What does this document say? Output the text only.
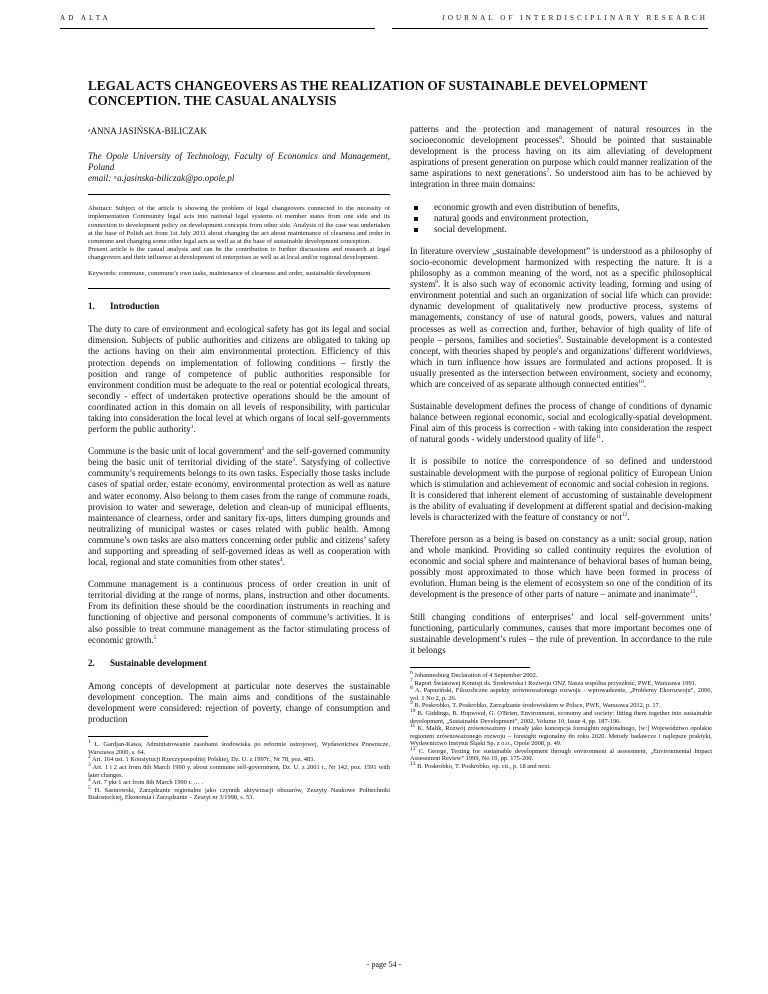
AD ALTA	JOURNAL OF INTERDISCIPLINARY RESEARCH
LEGAL ACTS CHANGEOVERS AS THE REALIZATION OF SUSTAINABLE DEVELOPMENT CONCEPTION. THE CASUAL ANALYSIS

ᵃANNA JASIŃSKA-BILICZAK

The Opole University of Technology, Faculty of Economics and Management, Poland
email: ᵃa.jasinska-biliczak@po.opole.pl

Abstract: Subject of the article is showing the problem of legal changeovers connected to the necessity of implementation Community legal acts into national legal systems of member states from one side and its connection to development policy on development concepts from other side. Analysis of the case was undertaken at the base of Polish act from 1st July 2011 about changing the act about maintenance of clearness and order in commune and changing some other legal acts as well as at the base of sustainable development conception.

Present article is the casual analysis and can be the contribution to further discussions and research at legal changeovers and their influence at development of enterprises as well as at local and/or regional development.

Keywords: commune, commune’s own tasks, maintenance of clearness and order, sustainable development

1. Introduction

The duty to care of environment and ecological safety has got its legal and social dimension. Subjects of public authorities and citizens are obligated to taking up the actions having on their aim environmental protection. Efficiency of this protection depends on implementation of following conditions – firstly the position and range of competence of public authorities responsible for environment condition must be adequate to the real or potential ecological threats, secondly - effect of undertaken protective operations should be the amount of coordinated action in this domain on all levels of responsibility, with particular taking into consideration the local level at which organs of local self-governments perform the public authority$^1$.

Commune is the basic unit of local government$^2$ and the self-governed community being the basic unit of territorial dividing of the state$^3$. Satysfying of collective community’s requirements belongs to its own tasks. Especially those tasks include cases of spatial order, estate economy, environmental protection as well as nature and water economy. Also belong to them cases from the range of commune roads, provision to water and sewerage, deletion and clean-up of municipal effluents, maintenance of clearness, order and sanitary fix-ups, litters dumping grounds and neutralizing of municipal wastes or cases related with public health. Among commune’s own tasks are also matters concerning order public and citizens’ safety and supporting and spreading of self-governed ideas as well as cooperation with local, regional and state comunities from other states$^4$.

Commune management is a continuous process of order creation in unit of territorial dividing at the range of norms, plans, instruction and other documents. From its definition these should be the coordination instruments in reaching and functioning of objective and personal components of commune’s activities. It is also possible to treat commune management as the factor stimulating process of economic growth.$^5$

2. Sustainable development

Among concepts of development at particular note deserves the sustainable development conception. The main aims and conditions of the sustainable development were considered: rejection of poverty, change of consumption and production

$^1$ L. Gardjan-Kawa, Administrowanie zasobami środowiska po reformie ustrojowej, Wydawnictwa Prawnicze, Warszawa 2000, s. 64.

$^2$ Art. 164 ust. 1 Konstytucji Rzeczypospolitej Polskiej, Dz. U. z 1997r., Nr 78, poz. 483.

$^3$ Art. 1 i 2 act from 8th March 1990 y. about commune self-government, Dz. U. z 2001 r., Nr 142, poz. 1591 with later changes.

$^4$ Art. 7 pkt 1 act from 8th March 1990 r. … .

$^5$ H. Sasinowski, Zarządzanie regionalne jako czynnik aktywizacji obszarów, Zeszyty Naukowe Politechniki Białostockiej, Ekonomia i Zarządzanie – Zeszyt nr 3/1998, s. 53.

patterns and the protection and management of natural resources in the socioeconomic development processes$^6$. Should be pointed that sustainable development is the process having on its aim alleviating of development aspirations of present generation on purpose which could manner realization of the same aspirations to next generations$^7$. So understood aim has to be achieved by integration in three main domains:

economic growth and even distribution of benefits,
natural goods and environment protection,
social development.

In literature overview „sustainable development” is understood as a philosophy of socio-economic development harmonized with respecting the nature. It is a philosophy as a common meaning of the word, not as a specific philosophical system$^8$. It is also such way of economic activity leading, forming and using of environment potential and such an organization of social life which can provide: dynamic development of qualitatively new productive process, systems of managements, constancy of use of natural goods, powers, values and natural processes as well as correction and, further, behavior of high quality of life of people – persons, families and societies$^9$. Sustainable development is a contested concept, with theories shaped by people's and organizations' different worldviews, which in turn influence how issues are formulated and actions proposed. It is usually presented as the intersection between environment, society and economy, which are conceived of as separate although connected entities$^{10}$.

Sustainable development defines the process of change of conditions of dynamic balance between regional economic, social and ecologically-spatial development. Final aim of this process is correction - with taking into consideration the respect of natural goods - widely understood quality of life$^{11}$.

It is possibile to notice the correspondence of so defined and understood sustainable development with the purpose of regional politicy of European Union which is stimulation and achievement of economic and social cohesion in regions.

It is considered that inherent element of accustoming of sustainable development is the ability of evaluating if development at different spatial and decision-making levels is characterized with the feature of constancy or not$^{12}$.

Therefore person as a being is based on constancy as a unit: social group, nation and whole mankind. Providing so called continuity requires the evolution of economic and social sphere and maintenance of behavioral bases of human being, possibly most approximated to those which have been formed in process of evolution. Human being is the element of ecosystem so one of the condition of its development is the presence of other parts of nature – animate and inanimate$^{13}$.

Still changing conditions of enterprises’ and local self-government units’ functioning, particularly communes, causes that more important becomes one of sustainable development’s rules – the rule of prevention. In accordance to the rule it belongs

$^6$ Johannesburg Declaration of 4 September 2002.

$^7$ Raport Światowej Komisji ds. Środowiska i Rozwoju ONZ Nasza wspólna przyszłość, PWE, Warszawa 1991.

$^8$ A. Papuziński, Filozoficzne aspekty zrównoważonego rozwoju - wprowadzenie, „Problemy Ekorozwoju”, 2006, vol. 1 No 2, p. 26.

$^9$ B. Poskrobko, T. Poskrobko, Zarządzanie środowiskiem w Polsce, PWE, Warszawa 2012, p. 17.

$^{10}$ B. Giddings, B. Hopwood, G. O'Brien, Environment, economy and society: fitting them together into sustainable development, „Sustainable Development”, 2002, Volume 10, Issue 4, pp. 187-196.

$^{11}$ K. Malik, Rozwój zrównoważony i trwały jako koncepcja foresightu regionalnego, [w:] Województwo opolskie regionem zrównoważonego rozwoju – foresight regionalny do roku 2020. Metody badawcze i najlepsze praktyki, Wydawnictwo Instytut Śląski Sp. z o.o., Opole 2008, p. 49.

$^{12}$ C. George, Testing for sustainable development through environment al assessment, „Environmental Impact Assessment Review” 1999, No 19, pp. 175-200.

$^{13}$ B. Poskrobko, T. Poskrobko, op. cit., p. 18 and next.

- page 54 -
